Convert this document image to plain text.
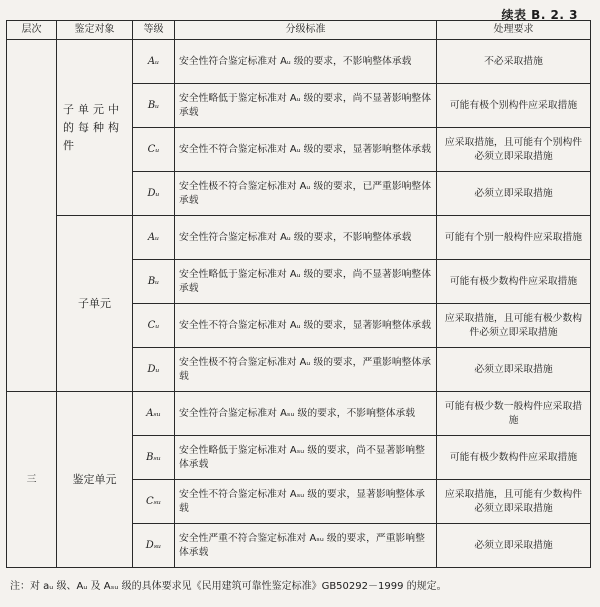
续表 B. 2. 3
层次	鉴定对象	等级	分级标准	处理要求
	子单元中的每种构件	Aᵤ	安全性符合鉴定标准对 Aᵤ 级的要求，不影响整体承载	不必采取措施
		Bᵤ	安全性略低于鉴定标准对 Aᵤ 级的要求，尚不显著影响整体承载	可能有极个别构件应采取措施
		Cᵤ	安全性不符合鉴定标准对 Aᵤ 级的要求，显著影响整体承载	应采取措施，且可能有个别构件必须立即采取措施
		Dᵤ	安全性极不符合鉴定标准对 Aᵤ 级的要求，已严重影响整体承载	必须立即采取措施
	子单元	Aᵤ	安全性符合鉴定标准对 Aᵤ 级的要求，不影响整体承载	可能有个别一般构件应采取措施
		Bᵤ	安全性略低于鉴定标准对 Aᵤ 级的要求，尚不显著影响整体承载	可能有极少数构件应采取措施
		Cᵤ	安全性不符合鉴定标准对 Aᵤ 级的要求，显著影响整体承载	应采取措施，且可能有极少数构件必须立即采取措施
		Dᵤ	安全性极不符合鉴定标准对 Aᵤ 级的要求，严重影响整体承载	必须立即采取措施
三	鉴定单元	Aₛᵤ	安全性符合鉴定标准对 Aₛᵤ 级的要求，不影响整体承载	可能有极少数一般构件应采取措施
		Bₛᵤ	安全性略低于鉴定标准对 Aₛᵤ 级的要求，尚不显著影响整体承载	可能有极少数构件应采取措施
		Cₛᵤ	安全性不符合鉴定标准对 Aₛᵤ 级的要求，显著影响整体承载	应采取措施，且可能有少数构件必须立即采取措施
		Dₛᵤ	安全性严重不符合鉴定标准对 Aₛᵤ 级的要求，严重影响整体承载	必须立即采取措施
注：对 aᵤ 级、Aᵤ 及 Aₛᵤ 级的具体要求见《民用建筑可靠性鉴定标准》GB50292－1999 的规定。
